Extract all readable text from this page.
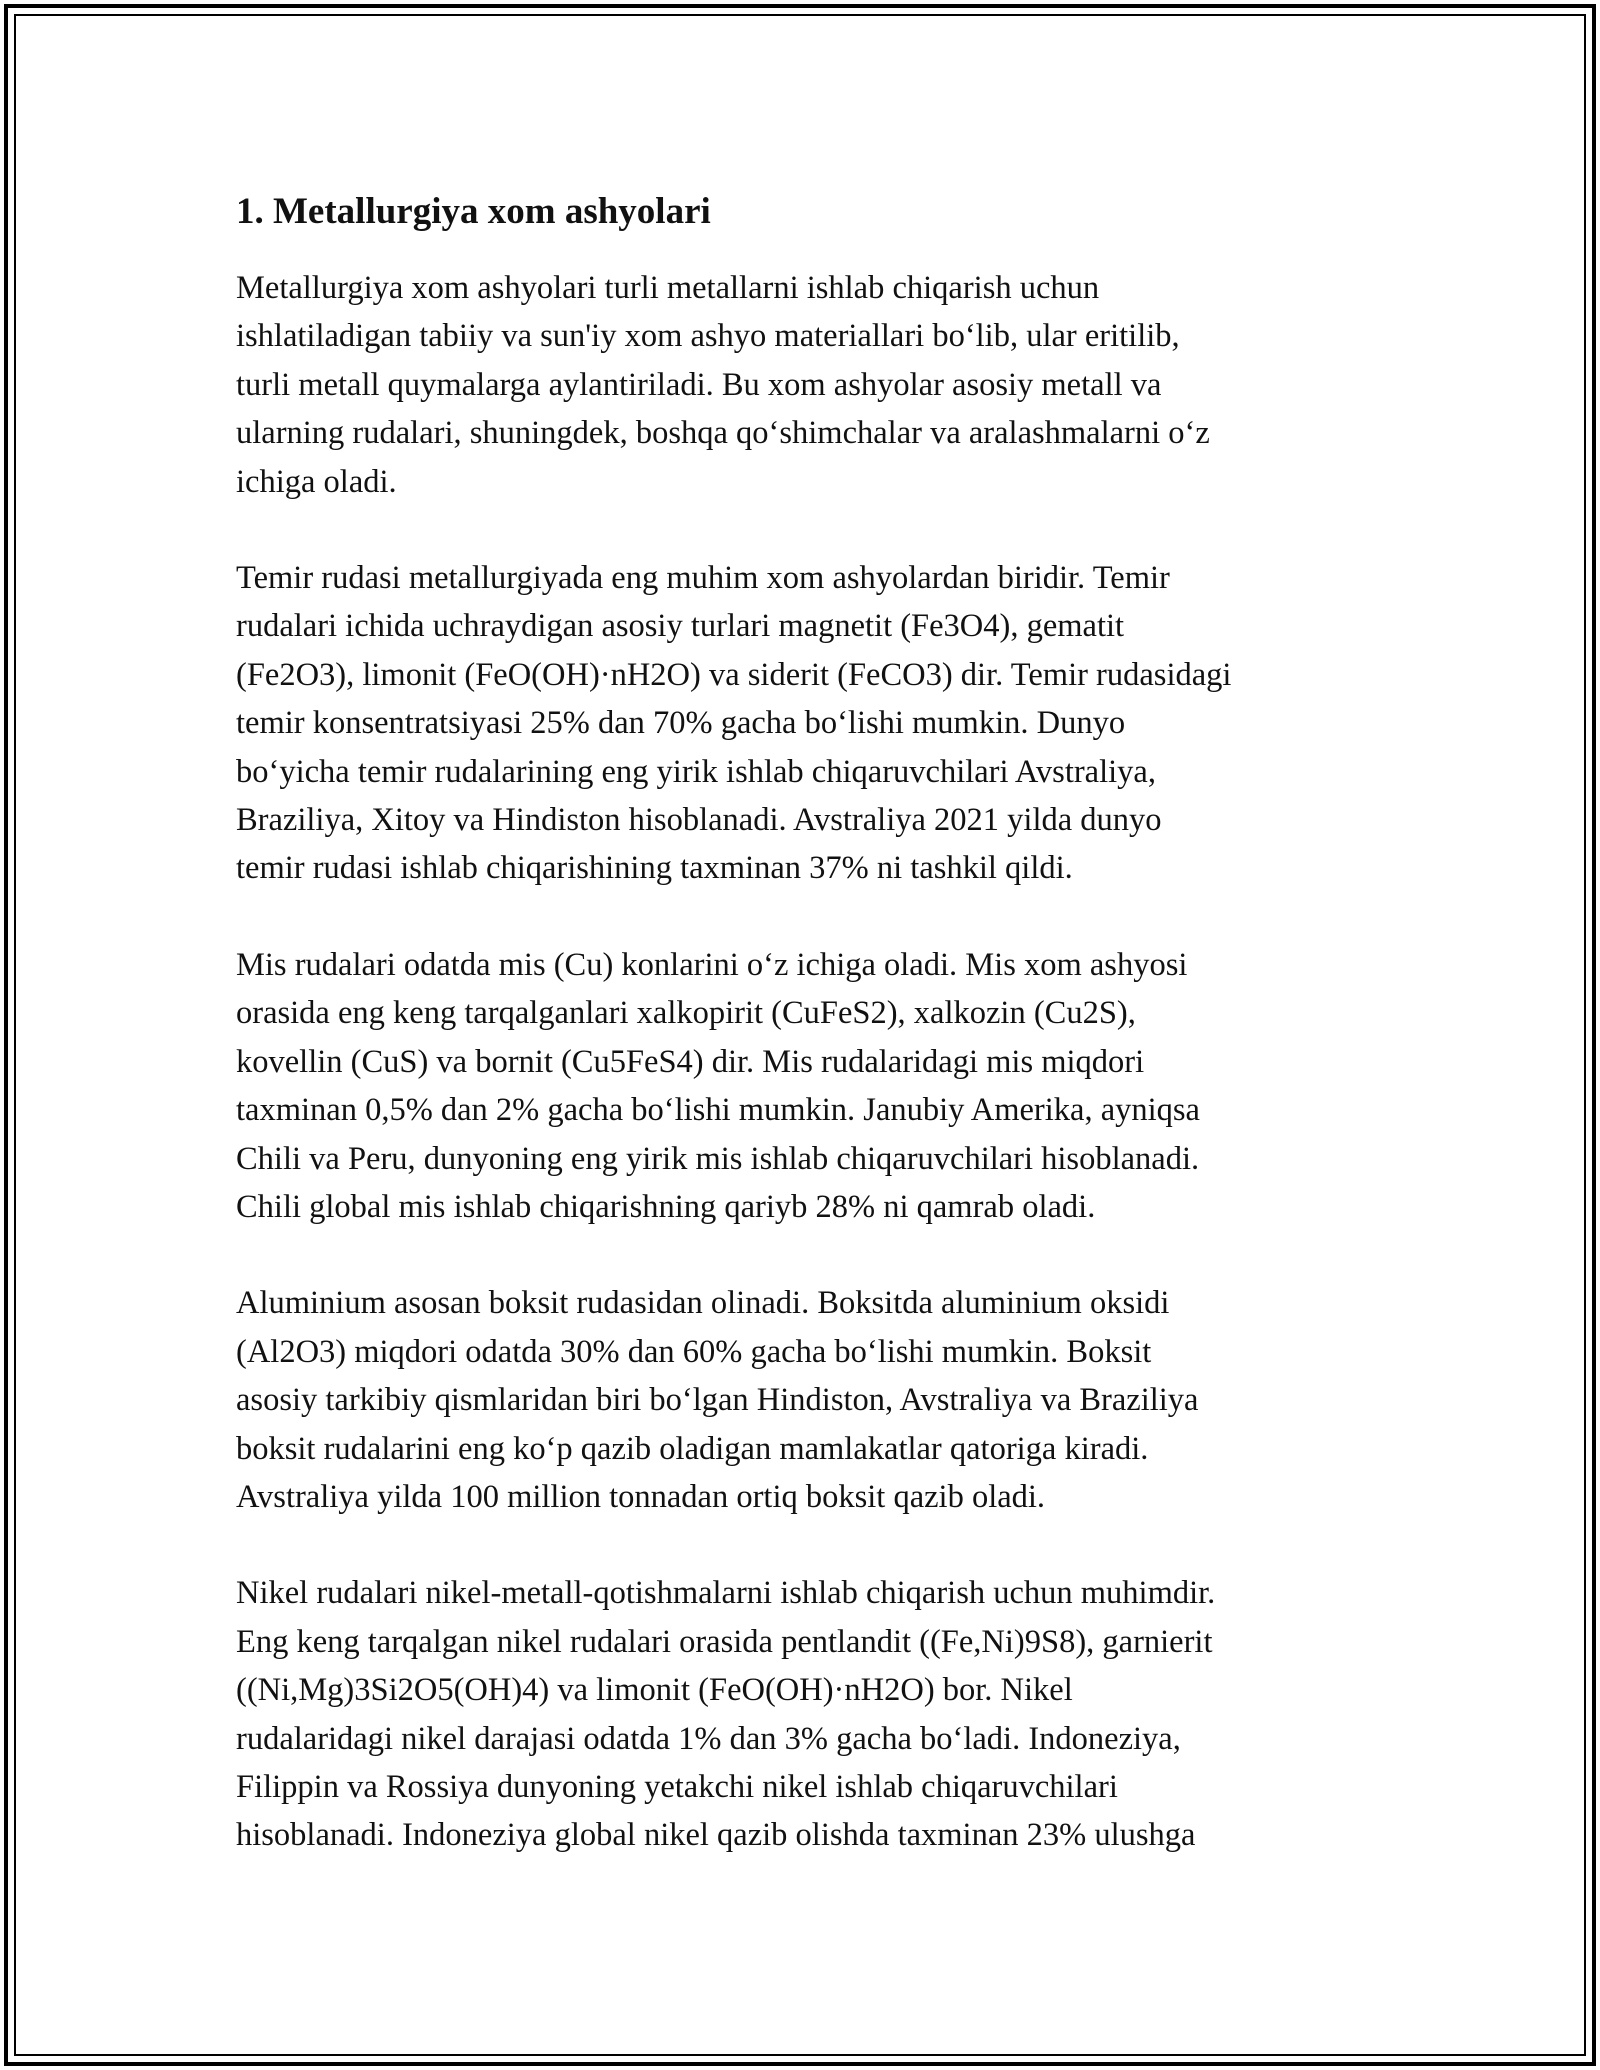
1. Metallurgiya xom ashyolari

Metallurgiya xom ashyolari turli metallarni ishlab chiqarish uchun
ishlatiladigan tabiiy va sun'iy xom ashyo materiallari bo‘lib, ular eritilib,
turli metall quymalarga aylantiriladi. Bu xom ashyolar asosiy metall va
ularning rudalari, shuningdek, boshqa qo‘shimchalar va aralashmalarni o‘z
ichiga oladi.

Temir rudasi metallurgiyada eng muhim xom ashyolardan biridir. Temir
rudalari ichida uchraydigan asosiy turlari magnetit (Fe3O4), gematit
(Fe2O3), limonit (FeO(OH)·nH2O) va siderit (FeCO3) dir. Temir rudasidagi
temir konsentratsiyasi 25% dan 70% gacha bo‘lishi mumkin. Dunyo
bo‘yicha temir rudalarining eng yirik ishlab chiqaruvchilari Avstraliya,
Braziliya, Xitoy va Hindiston hisoblanadi. Avstraliya 2021 yilda dunyo
temir rudasi ishlab chiqarishining taxminan 37% ni tashkil qildi.

Mis rudalari odatda mis (Cu) konlarini o‘z ichiga oladi. Mis xom ashyosi
orasida eng keng tarqalganlari xalkopirit (CuFeS2), xalkozin (Cu2S),
kovellin (CuS) va bornit (Cu5FeS4) dir. Mis rudalaridagi mis miqdori
taxminan 0,5% dan 2% gacha bo‘lishi mumkin. Janubiy Amerika, ayniqsa
Chili va Peru, dunyoning eng yirik mis ishlab chiqaruvchilari hisoblanadi.
Chili global mis ishlab chiqarishning qariyb 28% ni qamrab oladi.

Aluminium asosan boksit rudasidan olinadi. Boksitda aluminium oksidi
(Al2O3) miqdori odatda 30% dan 60% gacha bo‘lishi mumkin. Boksit
asosiy tarkibiy qismlaridan biri bo‘lgan Hindiston, Avstraliya va Braziliya
boksit rudalarini eng ko‘p qazib oladigan mamlakatlar qatoriga kiradi.
Avstraliya yilda 100 million tonnadan ortiq boksit qazib oladi.

Nikel rudalari nikel-metall-qotishmalarni ishlab chiqarish uchun muhimdir.
Eng keng tarqalgan nikel rudalari orasida pentlandit ((Fe,Ni)9S8), garnierit
((Ni,Mg)3Si2O5(OH)4) va limonit (FeO(OH)·nH2O) bor. Nikel
rudalaridagi nikel darajasi odatda 1% dan 3% gacha bo‘ladi. Indoneziya,
Filippin va Rossiya dunyoning yetakchi nikel ishlab chiqaruvchilari
hisoblanadi. Indoneziya global nikel qazib olishda taxminan 23% ulushga
